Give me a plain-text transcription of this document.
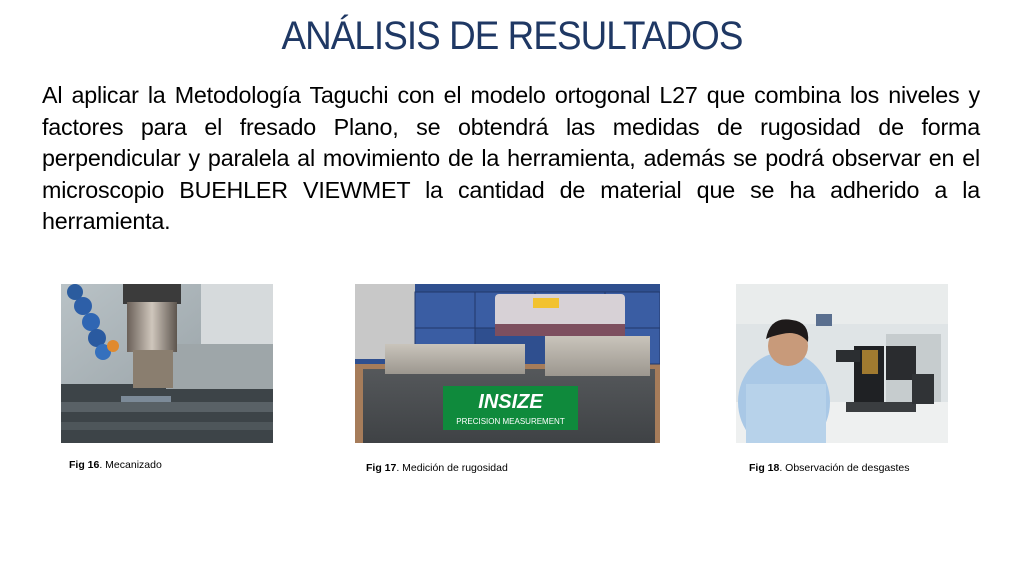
ANÁLISIS DE RESULTADOS

Al aplicar la Metodología Taguchi con el modelo ortogonal L27 que combina los niveles y factores para el fresado Plano, se obtendrá las medidas de rugosidad de forma perpendicular y paralela al movimiento de la herramienta, además se podrá observar en el microscopio BUEHLER VIEWMET la cantidad de material que se ha adherido a la herramienta.

INSIZE
PRECISION MEASUREMENT
Fig 16. Mecanizado	Fig 17. Medición de rugosidad	Fig 18. Observación de desgastes
